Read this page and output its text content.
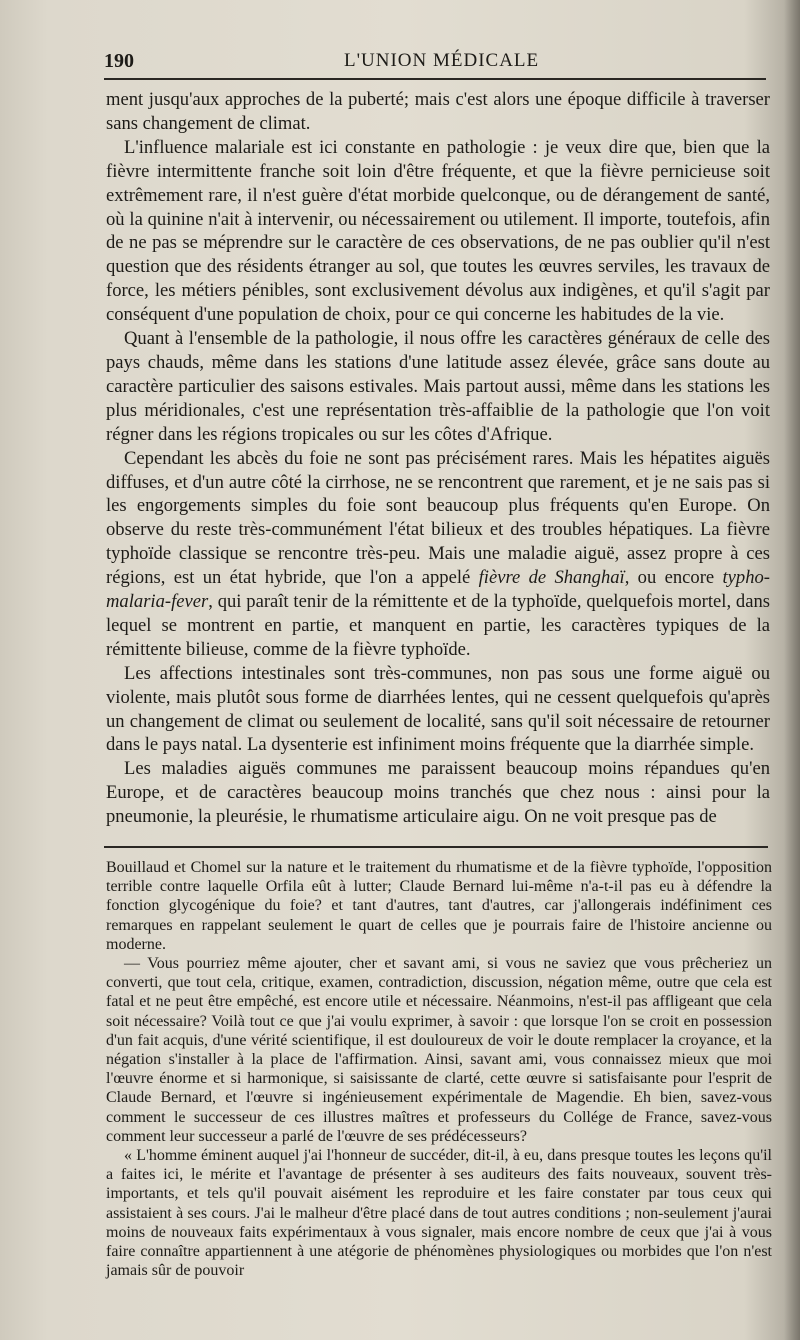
190	L'UNION MÉDICALE

ment jusqu'aux approches de la puberté; mais c'est alors une époque difficile à traverser sans changement de climat.

L'influence malariale est ici constante en pathologie : je veux dire que, bien que la fièvre intermittente franche soit loin d'être fréquente, et que la fièvre pernicieuse soit extrêmement rare, il n'est guère d'état morbide quelconque, ou de dérangement de santé, où la quinine n'ait à intervenir, ou nécessairement ou utilement. Il importe, toutefois, afin de ne pas se méprendre sur le caractère de ces observations, de ne pas oublier qu'il n'est question que des résidents étranger au sol, que toutes les œuvres serviles, les travaux de force, les métiers pénibles, sont exclusivement dévolus aux indigènes, et qu'il s'agit par conséquent d'une population de choix, pour ce qui concerne les habitudes de la vie.

Quant à l'ensemble de la pathologie, il nous offre les caractères généraux de celle des pays chauds, même dans les stations d'une latitude assez élevée, grâce sans doute au caractère particulier des saisons estivales. Mais partout aussi, même dans les stations les plus méridionales, c'est une représentation très-affaiblie de la pathologie que l'on voit régner dans les régions tropicales ou sur les côtes d'Afrique.

Cependant les abcès du foie ne sont pas précisément rares. Mais les hépatites aiguës diffuses, et d'un autre côté la cirrhose, ne se rencontrent que rarement, et je ne sais pas si les engorgements simples du foie sont beaucoup plus fréquents qu'en Europe. On observe du reste très-communément l'état bilieux et des troubles hépatiques. La fièvre typhoïde classique se rencontre très-peu. Mais une maladie aiguë, assez propre à ces régions, est un état hybride, que l'on a appelé fièvre de Shanghaï, ou encore typho-malaria-fever, qui paraît tenir de la rémittente et de la typhoïde, quelquefois mortel, dans lequel se montrent en partie, et manquent en partie, les caractères typiques de la rémittente bilieuse, comme de la fièvre typhoïde.

Les affections intestinales sont très-communes, non pas sous une forme aiguë ou violente, mais plutôt sous forme de diarrhées lentes, qui ne cessent quelquefois qu'après un changement de climat ou seulement de localité, sans qu'il soit nécessaire de retourner dans le pays natal. La dysenterie est infiniment moins fréquente que la diarrhée simple.

Les maladies aiguës communes me paraissent beaucoup moins répandues qu'en Europe, et de caractères beaucoup moins tranchés que chez nous : ainsi pour la pneumonie, la pleurésie, le rhumatisme articulaire aigu. On ne voit presque pas de

Bouillaud et Chomel sur la nature et le traitement du rhumatisme et de la fièvre typhoïde, l'opposition terrible contre laquelle Orfila eût à lutter; Claude Bernard lui-même n'a-t-il pas eu à défendre la fonction glycogénique du foie? et tant d'autres, tant d'autres, car j'allongerais indéfiniment ces remarques en rappelant seulement le quart de celles que je pourrais faire de l'histoire ancienne ou moderne.

— Vous pourriez même ajouter, cher et savant ami, si vous ne saviez que vous prêcheriez un converti, que tout cela, critique, examen, contradiction, discussion, négation même, outre que cela est fatal et ne peut être empêché, est encore utile et nécessaire. Néanmoins, n'est-il pas affligeant que cela soit nécessaire? Voilà tout ce que j'ai voulu exprimer, à savoir : que lorsque l'on se croit en possession d'un fait acquis, d'une vérité scientifique, il est douloureux de voir le doute remplacer la croyance, et la négation s'installer à la place de l'affirmation. Ainsi, savant ami, vous connaissez mieux que moi l'œuvre énorme et si harmonique, si saisissante de clarté, cette œuvre si satisfaisante pour l'esprit de Claude Bernard, et l'œuvre si ingénieusement expérimentale de Magendie. Eh bien, savez-vous comment le successeur de ces illustres maîtres et professeurs du Collége de France, savez-vous comment leur successeur a parlé de l'œuvre de ses prédécesseurs?

« L'homme éminent auquel j'ai l'honneur de succéder, dit-il, à eu, dans presque toutes les leçons qu'il a faites ici, le mérite et l'avantage de présenter à ses auditeurs des faits nouveaux, souvent très-importants, et tels qu'il pouvait aisément les reproduire et les faire constater par tous ceux qui assistaient à ses cours. J'ai le malheur d'être placé dans de tout autres conditions ; non-seulement j'aurai moins de nouveaux faits expérimentaux à vous signaler, mais encore nombre de ceux que j'ai à vous faire connaître appartiennent à une atégorie de phénomènes physiologiques ou morbides que l'on n'est jamais sûr de pouvoir
